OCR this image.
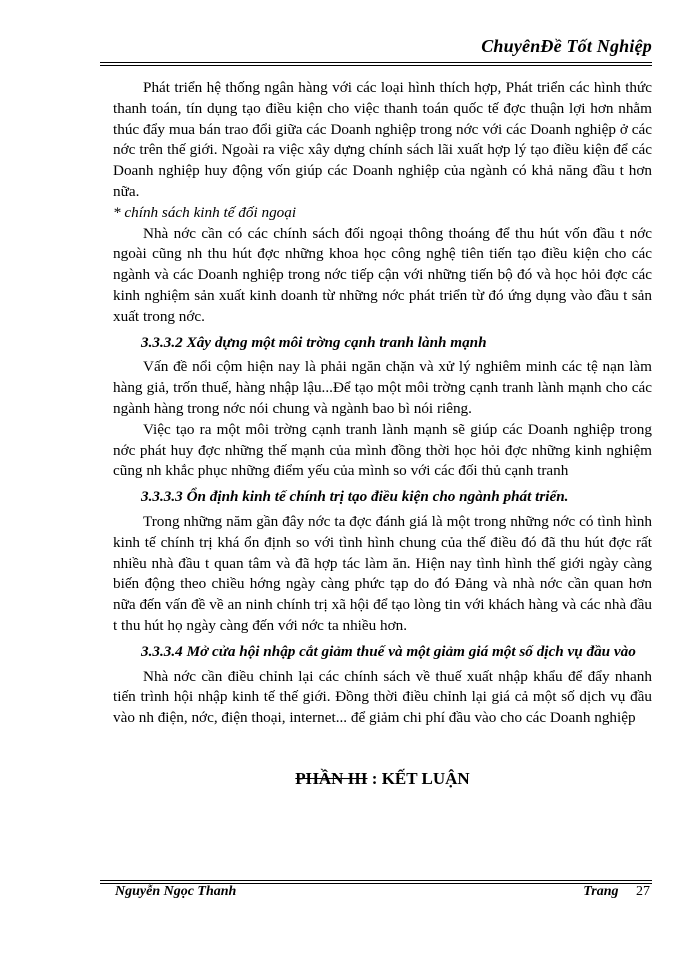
ChuyênĐề Tốt Nghiệp

Phát triển hệ thống ngân hàng với các loại hình thích hợp, Phát triển các hình thức thanh toán, tín dụng tạo điều kiện cho việc thanh toán quốc tế đợc thuận lợi hơn nhằm thúc đẩy mua bán trao đổi giữa các Doanh nghiệp trong nớc với các Doanh nghiệp ở các nớc trên thế giới. Ngoài ra việc xây dựng chính sách lãi xuất hợp lý tạo điều kiện để các Doanh nghiệp huy động vốn giúp các Doanh nghiệp của ngành có khả năng đầu t hơn nữa.

* chính sách kinh tế đối ngoại

Nhà nớc cần có các chính sách đối ngoại thông thoáng để thu hút vốn đầu t nớc ngoài cũng nh thu hút đợc những khoa học công nghệ tiên tiến tạo điều kiện cho các ngành và các Doanh nghiệp trong nớc tiếp cận với những tiến bộ đó và học hỏi đợc các kinh nghiệm sản xuất kinh doanh từ những nớc phát triển từ đó ứng dụng vào đầu t sản xuất trong nớc.

3.3.3.2 Xây dựng một môi trờng cạnh tranh lành mạnh

Vấn đề nổi cộm hiện nay là phải ngăn chặn và xử lý nghiêm minh các tệ nạn làm hàng giả, trốn thuế, hàng nhập lậu...Để tạo một môi trờng cạnh tranh lành mạnh cho các ngành hàng trong nớc nói chung và ngành bao bì nói riêng.

Việc tạo ra một môi trờng cạnh tranh lành mạnh sẽ giúp các Doanh nghiệp trong nớc phát huy đợc những thế mạnh của mình đồng thời học hỏi đợc những kinh nghiệm cũng nh khắc phục những điểm yếu của mình so với các đối thủ cạnh tranh

3.3.3.3 Ổn định kinh tế chính trị tạo điều kiện cho ngành phát triển.

Trong những năm gần đây nớc ta đợc đánh giá là một trong những nớc có tình hình kinh tế chính trị khá ổn định so với tình hình chung của thế điều đó đã thu hút đợc rất nhiều nhà đầu t quan tâm và đã hợp tác làm ăn. Hiện nay tình hình thế giới ngày càng biến động theo chiều hớng ngày càng phức tạp do đó Đảng và nhà nớc cần quan hơn nữa đến vấn đề về an ninh chính trị xã hội để tạo lòng tin với khách hàng và các nhà đầu t thu hút họ ngày càng đến với nớc ta nhiều hơn.

3.3.3.4 Mở cửa hội nhập cắt giảm thuế và một giảm giá một số dịch vụ đầu vào

Nhà nớc cần điều chỉnh lại các chính sách về thuế xuất nhập khẩu để đẩy nhanh tiến trình hội nhập kinh tế thế giới. Đồng thời điều chỉnh lại giá cả một số dịch vụ đầu vào nh điện, nớc, điện thoại, internet... để giảm chi phí đầu vào cho các Doanh nghiệp

PHẦN III : KẾT LUẬN
Nguyễn Ngọc Thanh	Trang 27
